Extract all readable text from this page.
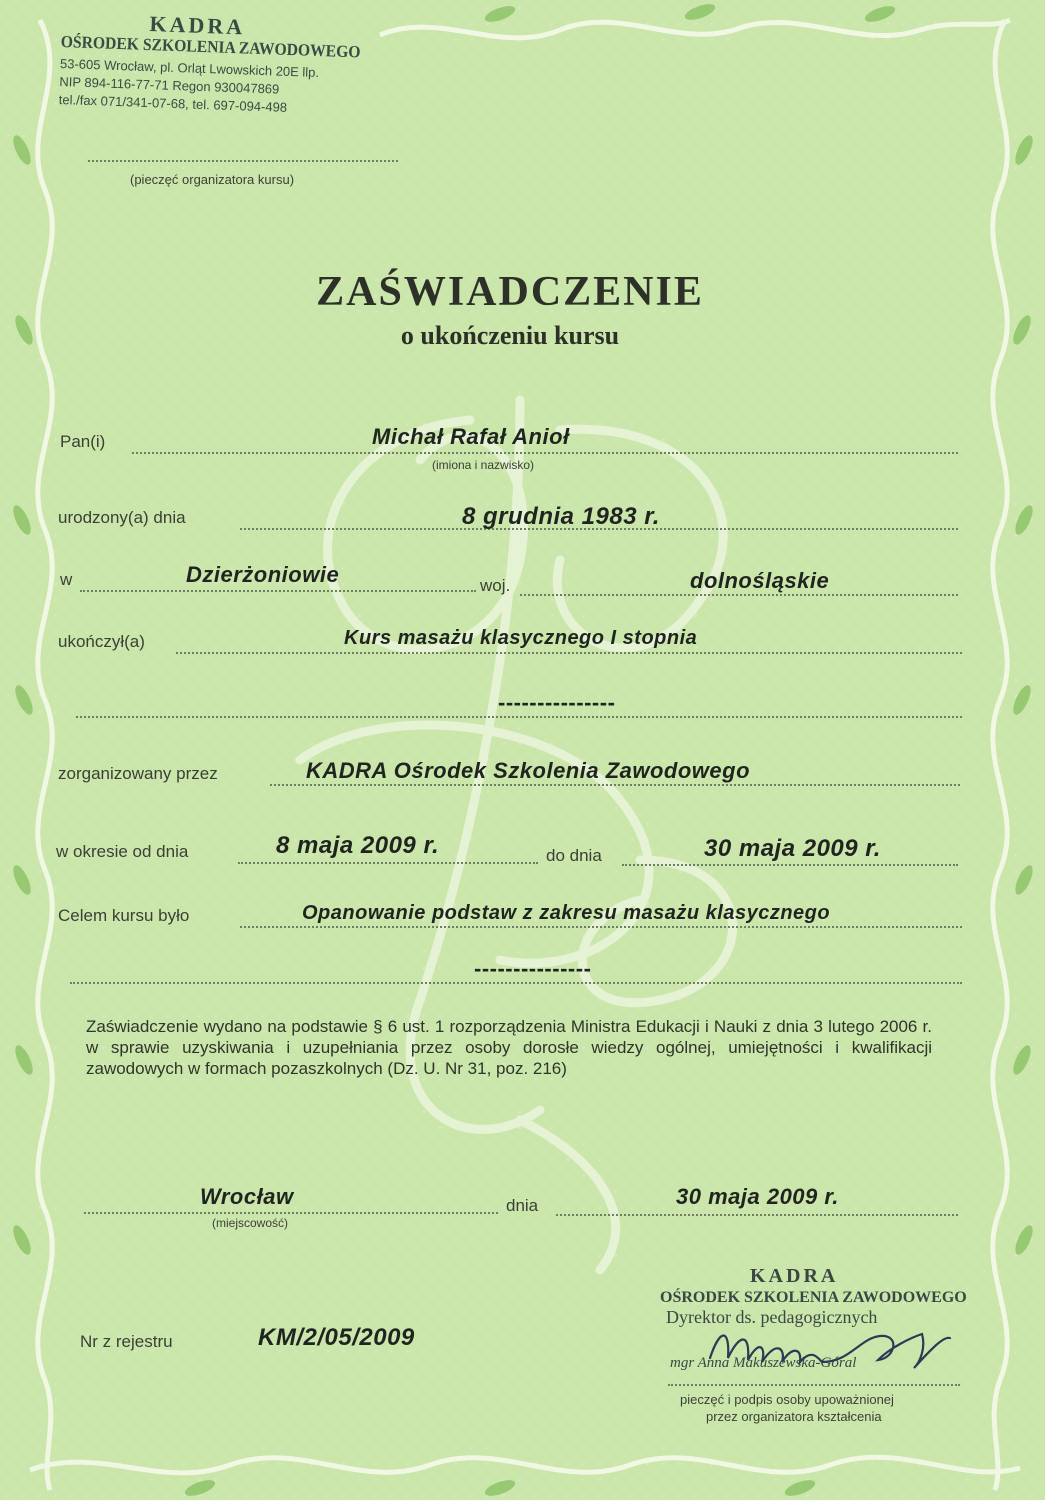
KADRA
OŚRODEK SZKOLENIA ZAWODOWEGO
53-605 Wrocław, pl. Orląt Lwowskich 20E llp.
NIP 894-116-77-71 Regon 930047869
tel./fax 071/341-07-68, tel. 697-094-498
(pieczęć organizatora kursu)
ZAŚWIADCZENIE
o ukończeniu kursu
Pan(i)	Michał Rafał Anioł
(imiona i nazwisko)
urodzony(a) dnia	8 grudnia 1983 r.
w	Dzierżoniowie	woj.	dolnośląskie
ukończył(a)	Kurs masażu klasycznego I stopnia
---------------
zorganizowany przez	KADRA Ośrodek Szkolenia Zawodowego
w okresie od dnia	8 maja 2009 r.	do dnia	30 maja 2009 r.
Celem kursu było	Opanowanie podstaw z zakresu masażu klasycznego
---------------
Zaświadczenie wydano na podstawie § 6 ust. 1 rozporządzenia Ministra Edukacji i Nauki z dnia 3 lutego 2006 r. w sprawie uzyskiwania i uzupełniania przez osoby dorosłe wiedzy ogólnej, umiejętności i kwalifikacji zawodowych w formach pozaszkolnych (Dz. U. Nr 31, poz. 216)
Wrocław
(miejscowość)
dnia	30 maja 2009 r.
Nr z rejestru	KM/2/05/2009
KADRA
OŚRODEK SZKOLENIA ZAWODOWEGO
Dyrektor ds. pedagogicznych
mgr Anna Makuszewska-Góral
pieczęć i podpis osoby upoważnionej
przez organizatora kształcenia
